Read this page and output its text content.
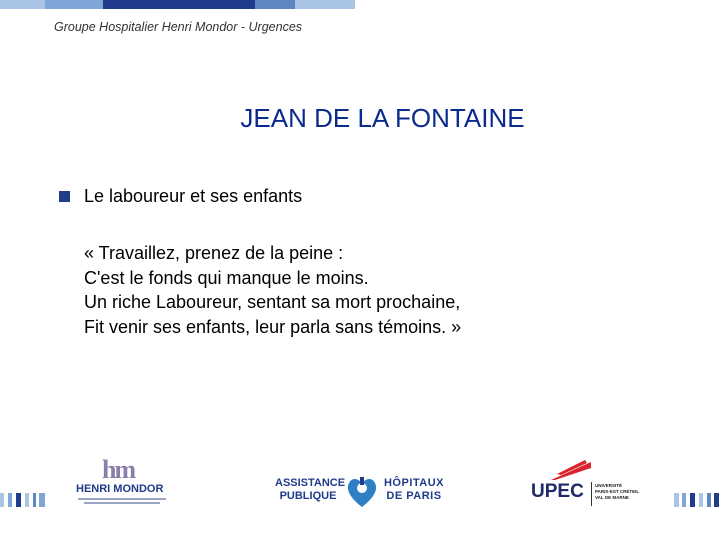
Groupe Hospitalier Henri Mondor - Urgences
JEAN DE LA FONTAINE
Le laboureur et ses enfants
« Travaillez, prenez de la peine :
C'est le fonds qui manque le moins.
Un riche Laboureur, sentant sa mort prochaine,
Fit venir ses enfants, leur parla sans témoins. »
hm
HENRI MONDOR	ASSISTANCE
PUBLIQUE
HÔPITAUX
DE PARIS	UPEC UNIVERSITÉ
PARIS-EST CRÉTEIL
VAL DE MARNE
